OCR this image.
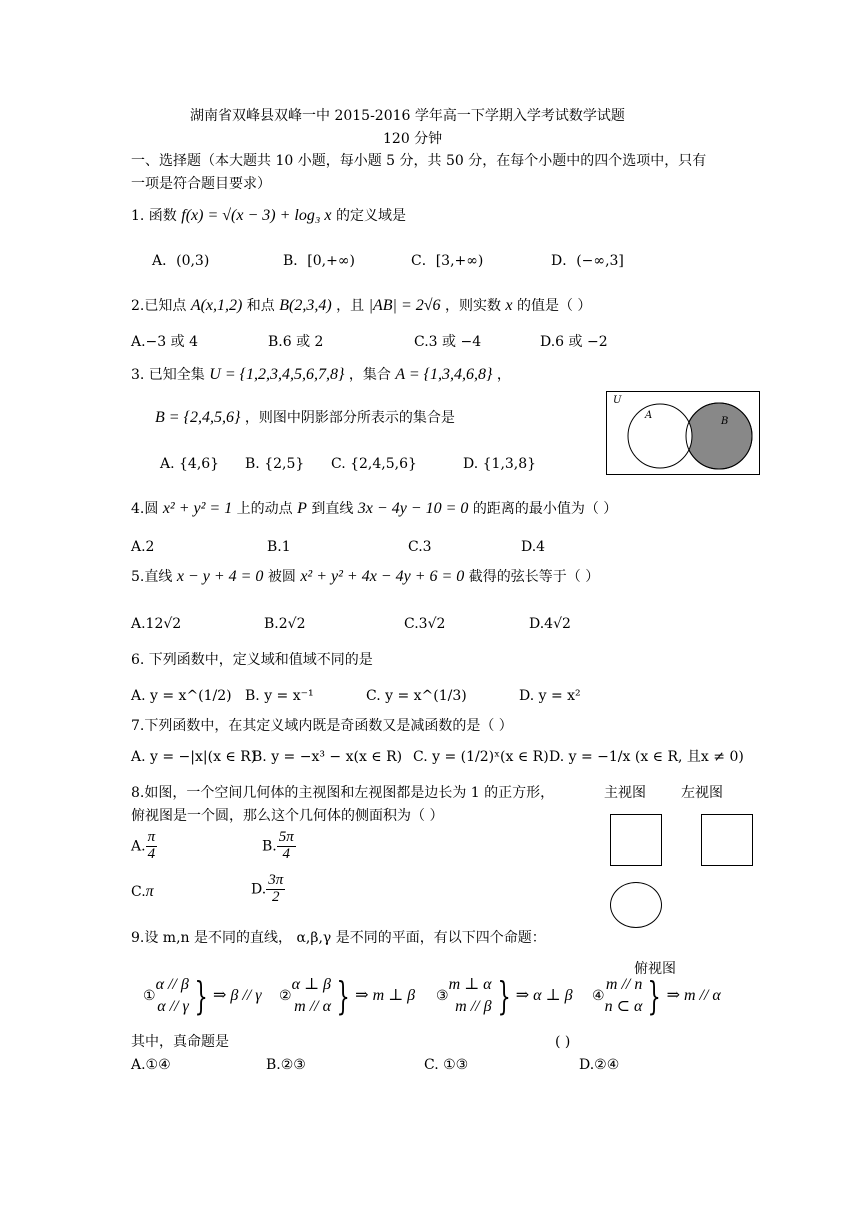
湖南省双峰县双峰一中 2015-2016 学年高一下学期入学考试数学试题
120 分钟
一、选择题（本大题共 10 小题，每小题 5 分，共 50 分，在每个小题中的四个选项中，只有
一项是符合题目要求）
1. 函数 f(x) = √(x − 3) + log₃ x 的定义域是
A．(0,3)	B．[0,+∞)	C．[3,+∞)	D．(−∞,3]
2.已知点 A(x,1,2) 和点 B(2,3,4) ，且 |AB| = 2√6 ，则实数 x 的值是（ ）
A.−3 或 4	B.6 或 2	C.3 或 −4	D.6 或 −2
3. 已知全集 U = {1,2,3,4,5,6,7,8} ，集合 A = {1,3,4,6,8} ，
B = {2,4,5,6} ，则图中阴影部分所表示的集合是
A. {4,6} B. {2,5} C. {2,4,5,6}	D. {1,3,8}
U
A
B
4.圆 x² + y² = 1 上的动点 P 到直线 3x − 4y − 10 = 0 的距离的最小值为（ ）
A.2	B.1	C.3	D.4
5.直线 x − y + 4 = 0 被圆 x² + y² + 4x − 4y + 6 = 0 截得的弦长等于（ ）
A.12√2	B.2√2	C.3√2	D.4√2
6. 下列函数中，定义域和值域不同的是
A. y = x^(1/2) B. y = x⁻¹	C. y = x^(1/3)	D. y = x²
7.下列函数中，在其定义域内既是奇函数又是减函数的是（ ）
A. y = −|x|(x ∈ R)
B. y = −x³ − x(x ∈ R) C. y = (1/2)ˣ(x ∈ R) D. y = −1/x (x ∈ R, 且x ≠ 0)
8.如图，一个空间几何体的主视图和左视图都是边长为 1 的正方形，	主视图	左视图
俯视图是一个圆，那么这个几何体的侧面积为（ ）
A. $\frac{\pi}{4}$	B. $\frac{5\pi}{4}$
C.π	D. $\frac{3\pi}{2}$
9.设 m,n 是不同的直线， α,β,γ 是不同的平面，有以下四个命题：
俯视图
①
α // β
α // γ } ⇒ β // γ ②
α ⊥ β
m // α } ⇒ m ⊥ β ③
m ⊥ α
m // β } ⇒ α ⊥ β ④
m // n
n ⊂ α } ⇒ m // α
其中，真命题是	( )
A.①④	B.②③	C. ①③	D.②④
